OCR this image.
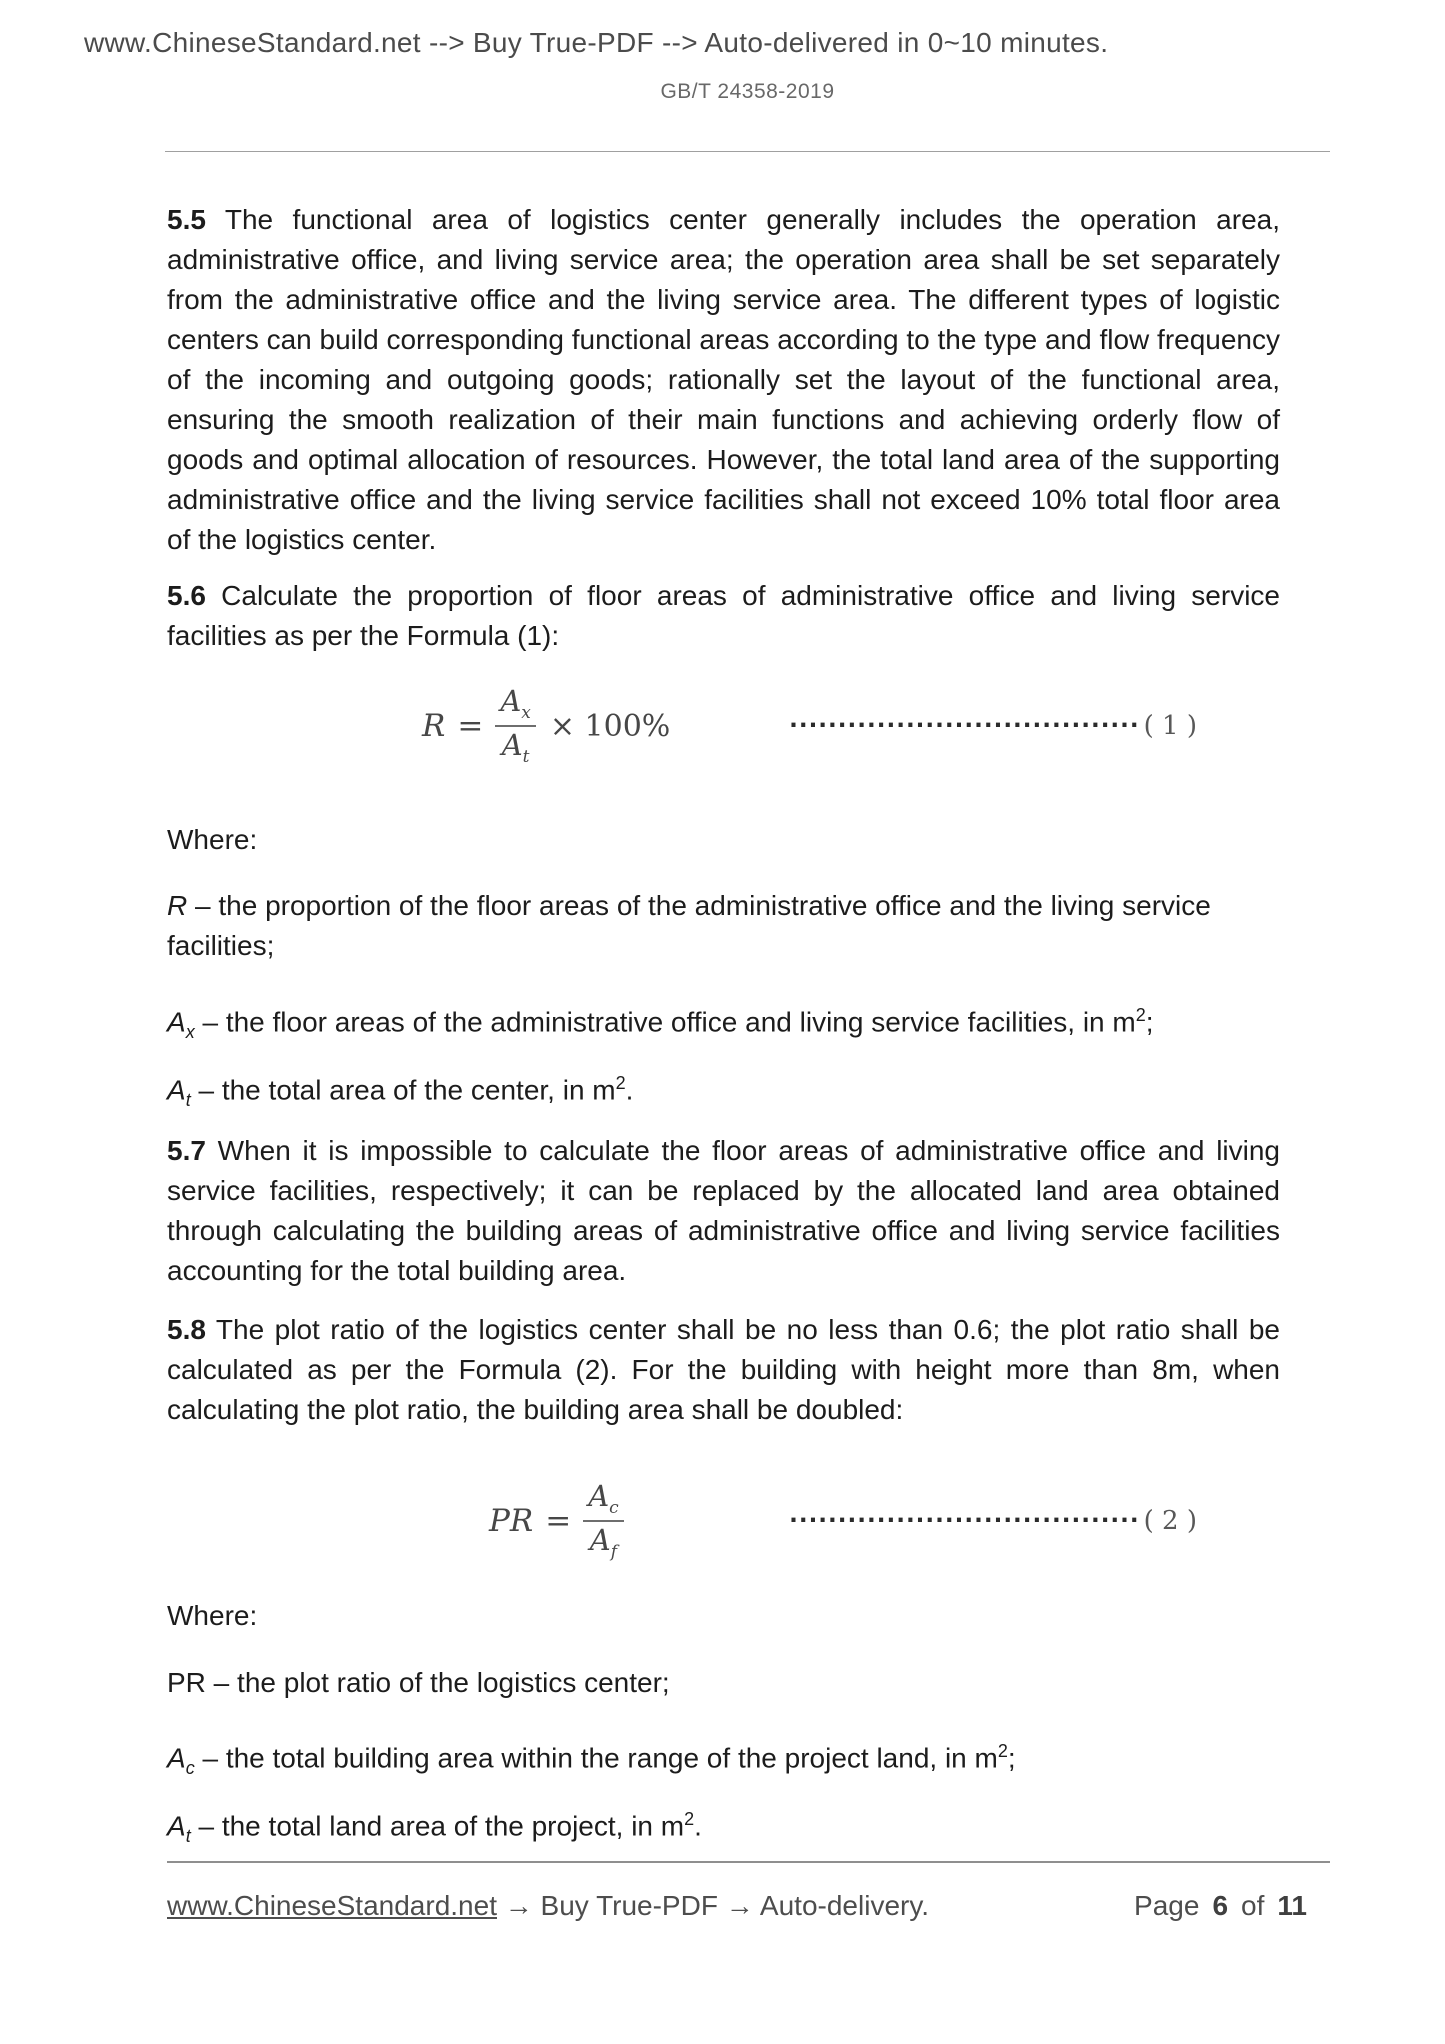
www.ChineseStandard.net --> Buy True-PDF --> Auto-delivered in 0~10 minutes.
GB/T 24358-2019

5.5 The functional area of logistics center generally includes the operation area, administrative office, and living service area; the operation area shall be set separately from the administrative office and the living service area. The different types of logistic centers can build corresponding functional areas according to the type and flow frequency of the incoming and outgoing goods; rationally set the layout of the functional area, ensuring the smooth realization of their main functions and achieving orderly flow of goods and optimal allocation of resources. However, the total land area of the supporting administrative office and the living service facilities shall not exceed 10% total floor area of the logistics center.

5.6 Calculate the proportion of floor areas of administrative office and living service facilities as per the Formula (1):

$R = \frac{A_x}{A_t} \times 100\%$	···································· ( 1 )

Where:

R – the proportion of the floor areas of the administrative office and the living service facilities;

$A_x$ – the floor areas of the administrative office and living service facilities, in $m^2$;

$A_t$ – the total area of the center, in $m^2$.

5.7 When it is impossible to calculate the floor areas of administrative office and living service facilities, respectively; it can be replaced by the allocated land area obtained through calculating the building areas of administrative office and living service facilities accounting for the total building area.

5.8 The plot ratio of the logistics center shall be no less than 0.6; the plot ratio shall be calculated as per the Formula (2). For the building with height more than 8m, when calculating the plot ratio, the building area shall be doubled:

PR = $\frac{A_c}{A_f}$	···································· ( 2 )

Where:

PR – the plot ratio of the logistics center;

$A_c$ – the total building area within the range of the project land, in $m^2$;

$A_t$ – the total land area of the project, in $m^2$.

www.ChineseStandard.net → Buy True-PDF → Auto-delivery.	Page 6 of 11
